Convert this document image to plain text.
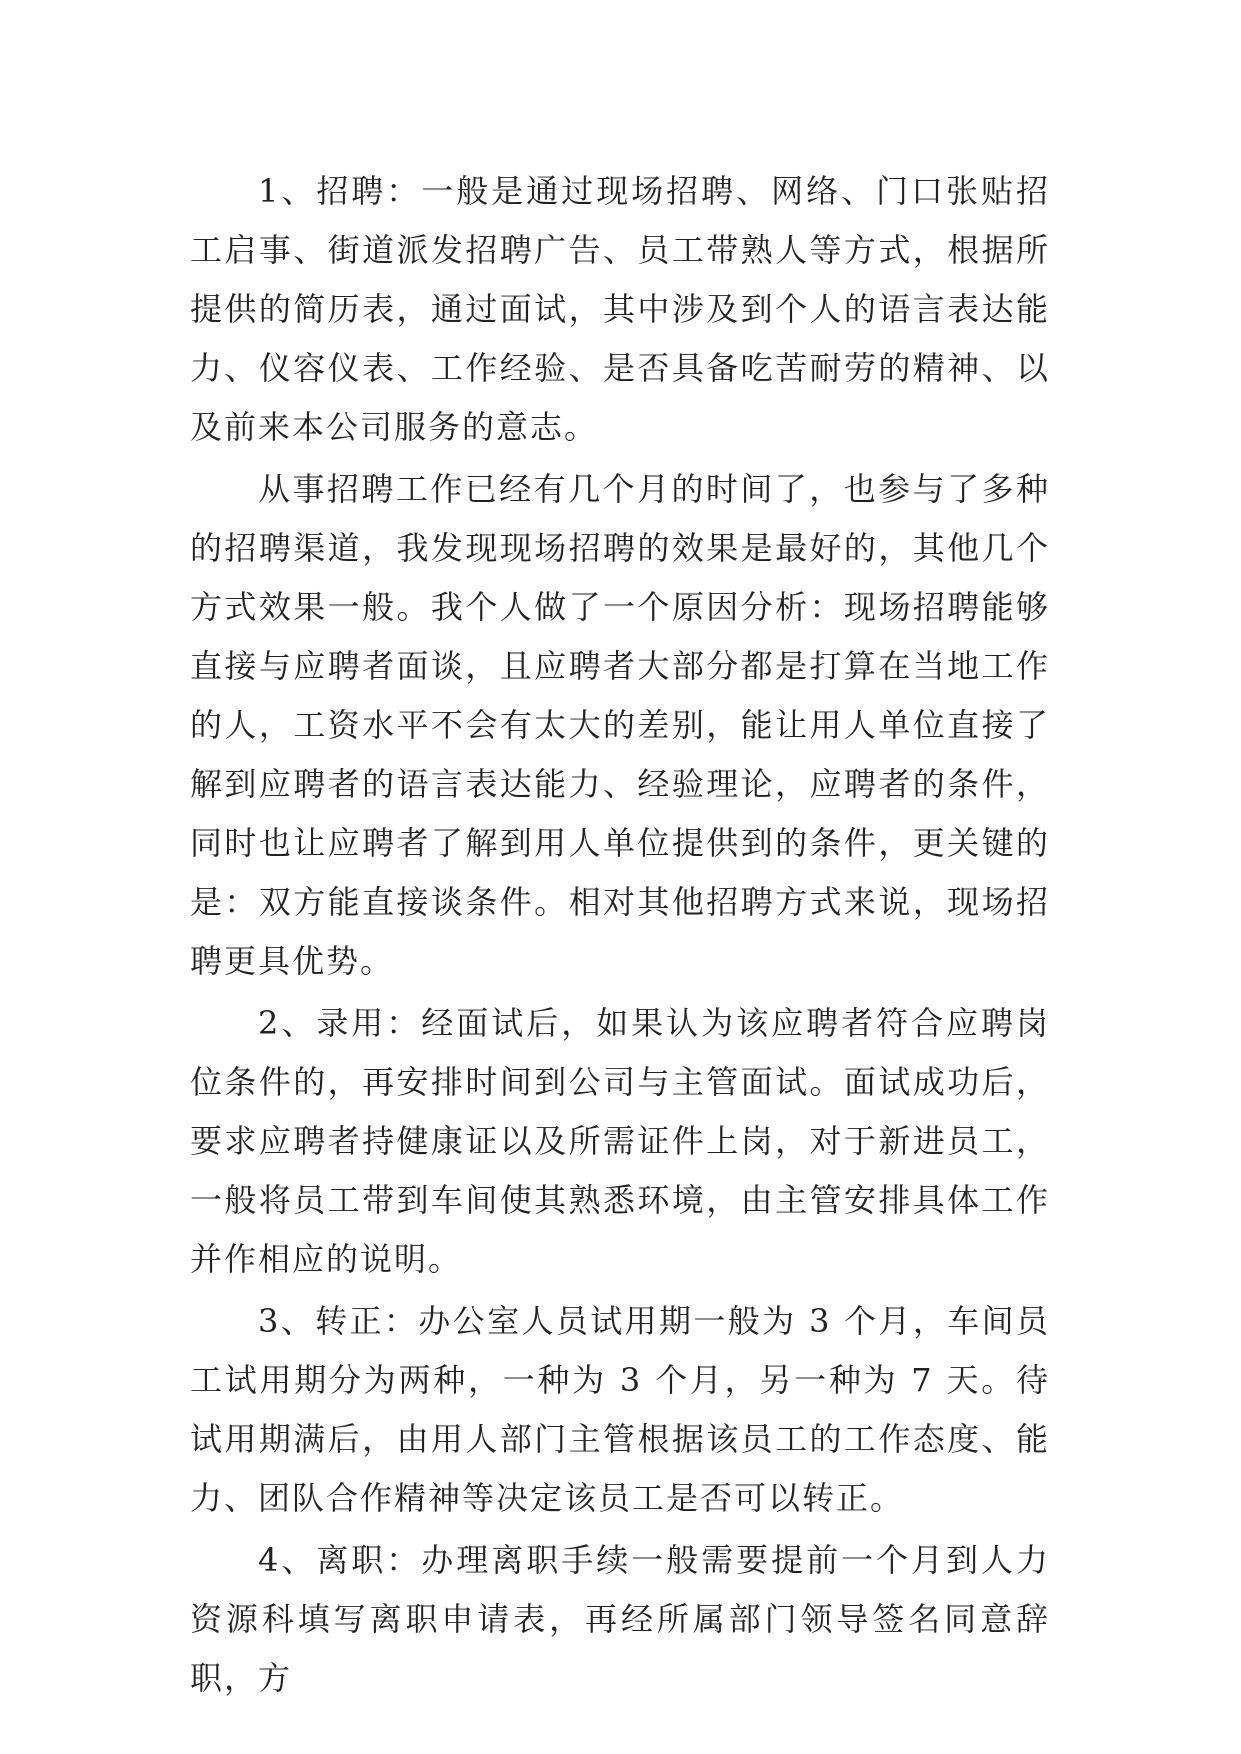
1、招聘：一般是通过现场招聘、网络、门口张贴招工启事、街道派发招聘广告、员工带熟人等方式，根据所提供的简历表，通过面试，其中涉及到个人的语言表达能力、仪容仪表、工作经验、是否具备吃苦耐劳的精神、以及前来本公司服务的意志。

从事招聘工作已经有几个月的时间了，也参与了多种的招聘渠道，我发现现场招聘的效果是最好的，其他几个方式效果一般。我个人做了一个原因分析：现场招聘能够直接与应聘者面谈，且应聘者大部分都是打算在当地工作的人，工资水平不会有太大的差别，能让用人单位直接了解到应聘者的语言表达能力、经验理论，应聘者的条件，同时也让应聘者了解到用人单位提供到的条件，更关键的是：双方能直接谈条件。相对其他招聘方式来说，现场招聘更具优势。

2、录用：经面试后，如果认为该应聘者符合应聘岗位条件的，再安排时间到公司与主管面试。面试成功后，要求应聘者持健康证以及所需证件上岗，对于新进员工，一般将员工带到车间使其熟悉环境，由主管安排具体工作并作相应的说明。

3、转正：办公室人员试用期一般为 3 个月，车间员工试用期分为两种，一种为 3 个月，另一种为 7 天。待试用期满后，由用人部门主管根据该员工的工作态度、能力、团队合作精神等决定该员工是否可以转正。

4、离职：办理离职手续一般需要提前一个月到人力资源科填写离职申请表，再经所属部门领导签名同意辞职，方
